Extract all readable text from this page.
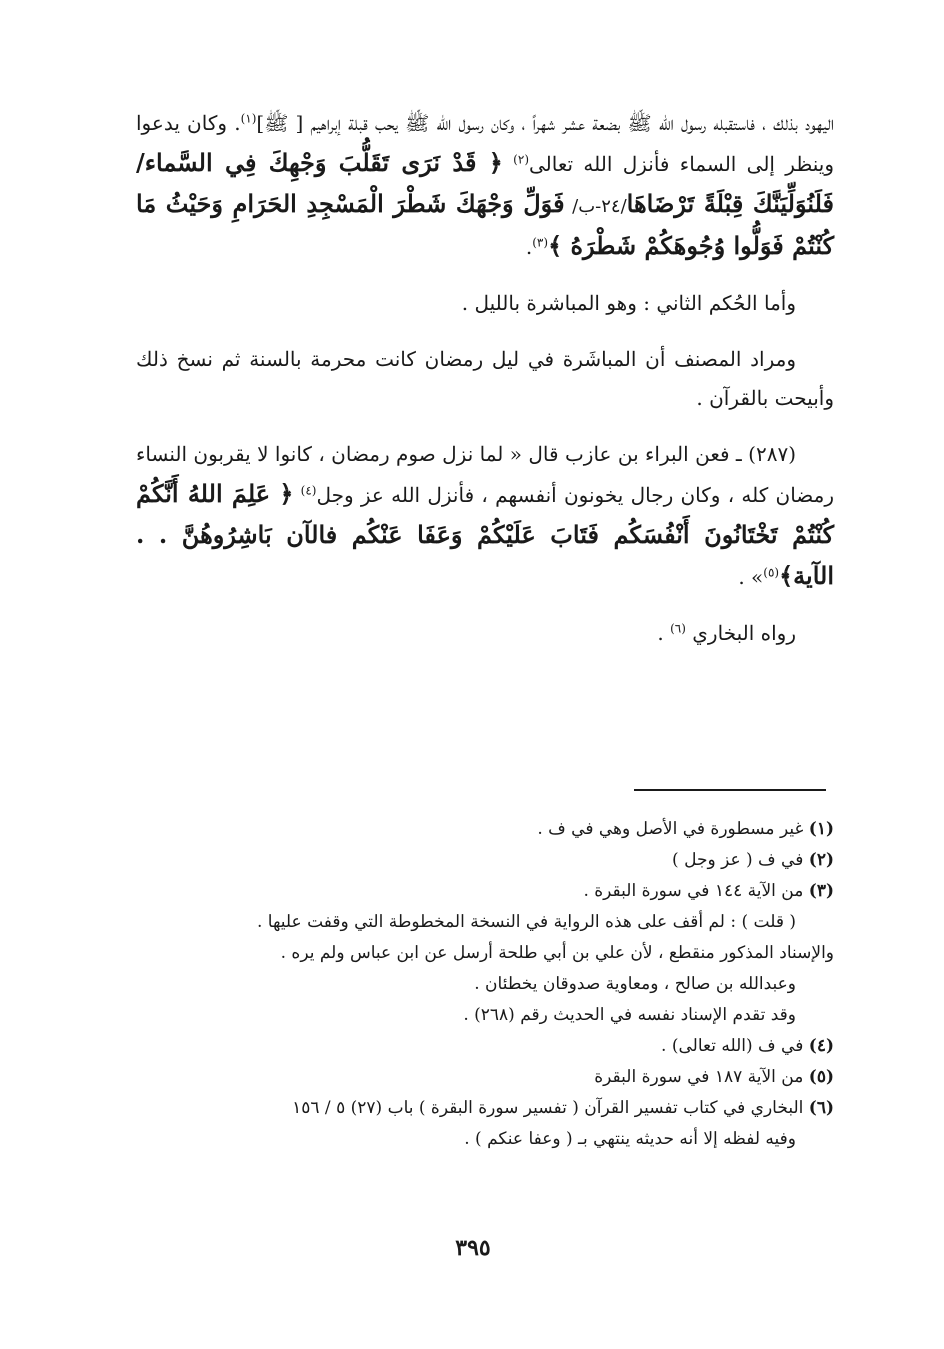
اليهود بذلك ، فاستقبله رسول الله ﷺ بضعة عشر شهراً ، وكان رسول الله ﷺ يحب قبلة إبراهيم [ ﷺ]$^{(١)}$. وكان يدعوا وينظر إلى السماء فأنزل الله تعالى$^{(٢)}$ ﴿ قَدْ نَرَى تَقَلُّبَ وَجْهِكَ فِي السَّماء/ فَلَنُوَلِّيَنَّكَ قِبْلَةً تَرْضَاهَا/٢٤-ب/ فَوَلِّ وَجْهَكَ شَطْرَ الْمَسْجِدِ الحَرَامِ وَحَيْثُ مَا كُنْتُمْ فَوَلُّوا وُجُوهَكُمْ شَطْرَهُ ﴾$^{(٣)}$.
وأما الحُكم الثاني : وهو المباشرة بالليل .
ومراد المصنف أن المباشَرة في ليل رمضان كانت محرمة بالسنة ثم نسخ ذلك وأبيحت بالقرآن .
(٢٨٧) ـ فعن البراء بن عازب قال « لما نزل صوم رمضان ، كانوا لا يقربون النساء رمضان كله ، وكان رجال يخونون أنفسهم ، فأنزل الله عز وجل$^{(٤)}$ ﴿ عَلِمَ اللهُ أَنَّكُمْ كُنْتُمْ تَخْتَانُونَ أَنْفُسَكُم فَتَابَ عَلَيْكُمْ وَعَفَا عَنْكُم فالآن بَاشِرُوهُنَّ . . الآية﴾$^{(٥)}$» .
رواه البخاري $^{(٦)}$ .
(١) غير مسطورة في الأصل وهي في ف .
(٢) في ف ( عز وجل )
(٣) من الآية ١٤٤ في سورة البقرة .
( قلت ) : لم أقف على هذه الرواية في النسخة المخطوطة التي وقفت عليها .
والإسناد المذكور منقطع ، لأن علي بن أبي طلحة أرسل عن ابن عباس ولم يره .
وعبدالله بن صالح ، ومعاوية صدوقان يخطئان .
وقد تقدم الإسناد نفسه في الحديث رقم (٢٦٨) .
(٤) في ف (الله تعالى) .
(٥) من الآية ١٨٧ في سورة البقرة
(٦) البخاري في كتاب تفسير القرآن ( تفسير سورة البقرة ) باب (٢٧) ٥ / ١٥٦
وفيه لفظه إلا أنه حديثه ينتهي بـ ( وعفا عنكم ) .
٣٩٥
